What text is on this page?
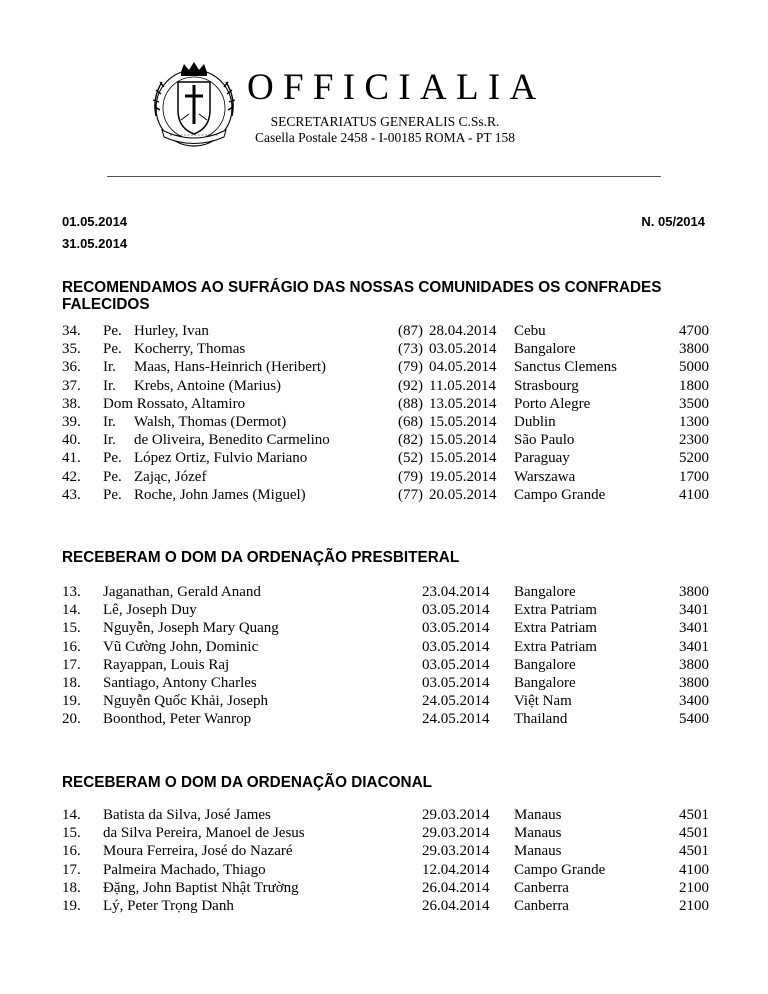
OFFICIALIA
SECRETARIATUS GENERALIS C.Ss.R.
Casella Postale 2458 - I-00185 ROMA - PT 158
01.05.2014
31.05.2014
N. 05/2014
RECOMENDAMOS AO SUFRÁGIO DAS NOSSAS COMUNIDADES OS CONFRADES FALECIDOS
34. Pe. Hurley, Ivan	(87) 28.04.2014 Cebu	4700
35. Pe. Kocherry, Thomas	(73) 03.05.2014 Bangalore	3800
36. Ir. Maas, Hans-Heinrich (Heribert)	(79) 04.05.2014 Sanctus Clemens	5000
37. Ir. Krebs, Antoine (Marius)	(92) 11.05.2014 Strasbourg	1800
38. Dom Rossato, Altamiro	(88) 13.05.2014 Porto Alegre	3500
39. Ir. Walsh, Thomas (Dermot)	(68) 15.05.2014 Dublin	1300
40. Ir. de Oliveira, Benedito Carmelino	(82) 15.05.2014 São Paulo	2300
41. Pe. López Ortiz, Fulvio Mariano	(52) 15.05.2014 Paraguay	5200
42. Pe. Zając, Józef	(79) 19.05.2014 Warszawa	1700
43. Pe. Roche, John James (Miguel)	(77) 20.05.2014 Campo Grande	4100
RECEBERAM O DOM DA ORDENAÇÃO PRESBITERAL
13. Jaganathan, Gerald Anand	23.04.2014 Bangalore	3800
14. Lê, Joseph Duy	03.05.2014 Extra Patriam	3401
15. Nguyễn, Joseph Mary Quang	03.05.2014 Extra Patriam	3401
16. Vũ Cường John, Dominic	03.05.2014 Extra Patriam	3401
17. Rayappan, Louis Raj	03.05.2014 Bangalore	3800
18. Santiago, Antony Charles	03.05.2014 Bangalore	3800
19. Nguyễn Quốc Khải, Joseph	24.05.2014 Việt Nam	3400
20. Boonthod, Peter Wanrop	24.05.2014 Thailand	5400
RECEBERAM O DOM DA ORDENAÇÃO DIACONAL
14. Batista da Silva, José James	29.03.2014 Manaus	4501
15. da Silva Pereira, Manoel de Jesus	29.03.2014 Manaus	4501
16. Moura Ferreira, José do Nazaré	29.03.2014 Manaus	4501
17. Palmeira Machado, Thiago	12.04.2014 Campo Grande	4100
18. Đặng, John Baptist Nhật Trường	26.04.2014 Canberra	2100
19. Lý, Peter Trọng Danh	26.04.2014 Canberra	2100
